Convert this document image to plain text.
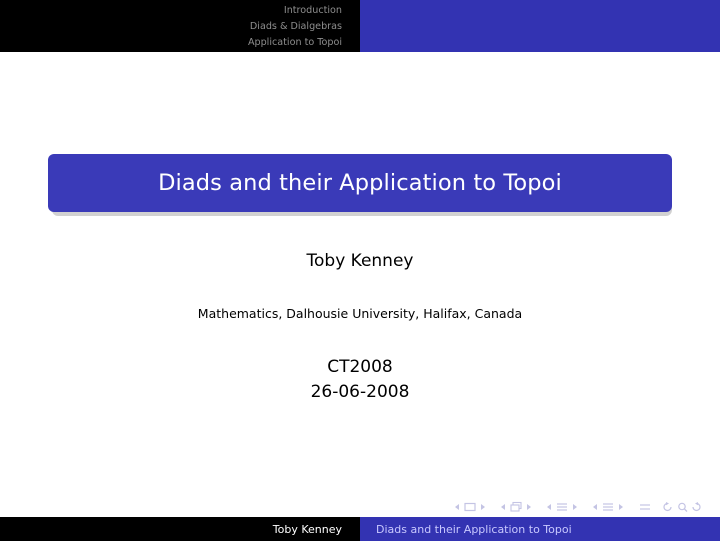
Introduction
Diads & Dialgebras
Application to Topoi
Diads and their Application to Topoi
Toby Kenney
Mathematics, Dalhousie University, Halifax, Canada
CT2008
26-06-2008
Toby Kenney	Diads and their Application to Topoi
